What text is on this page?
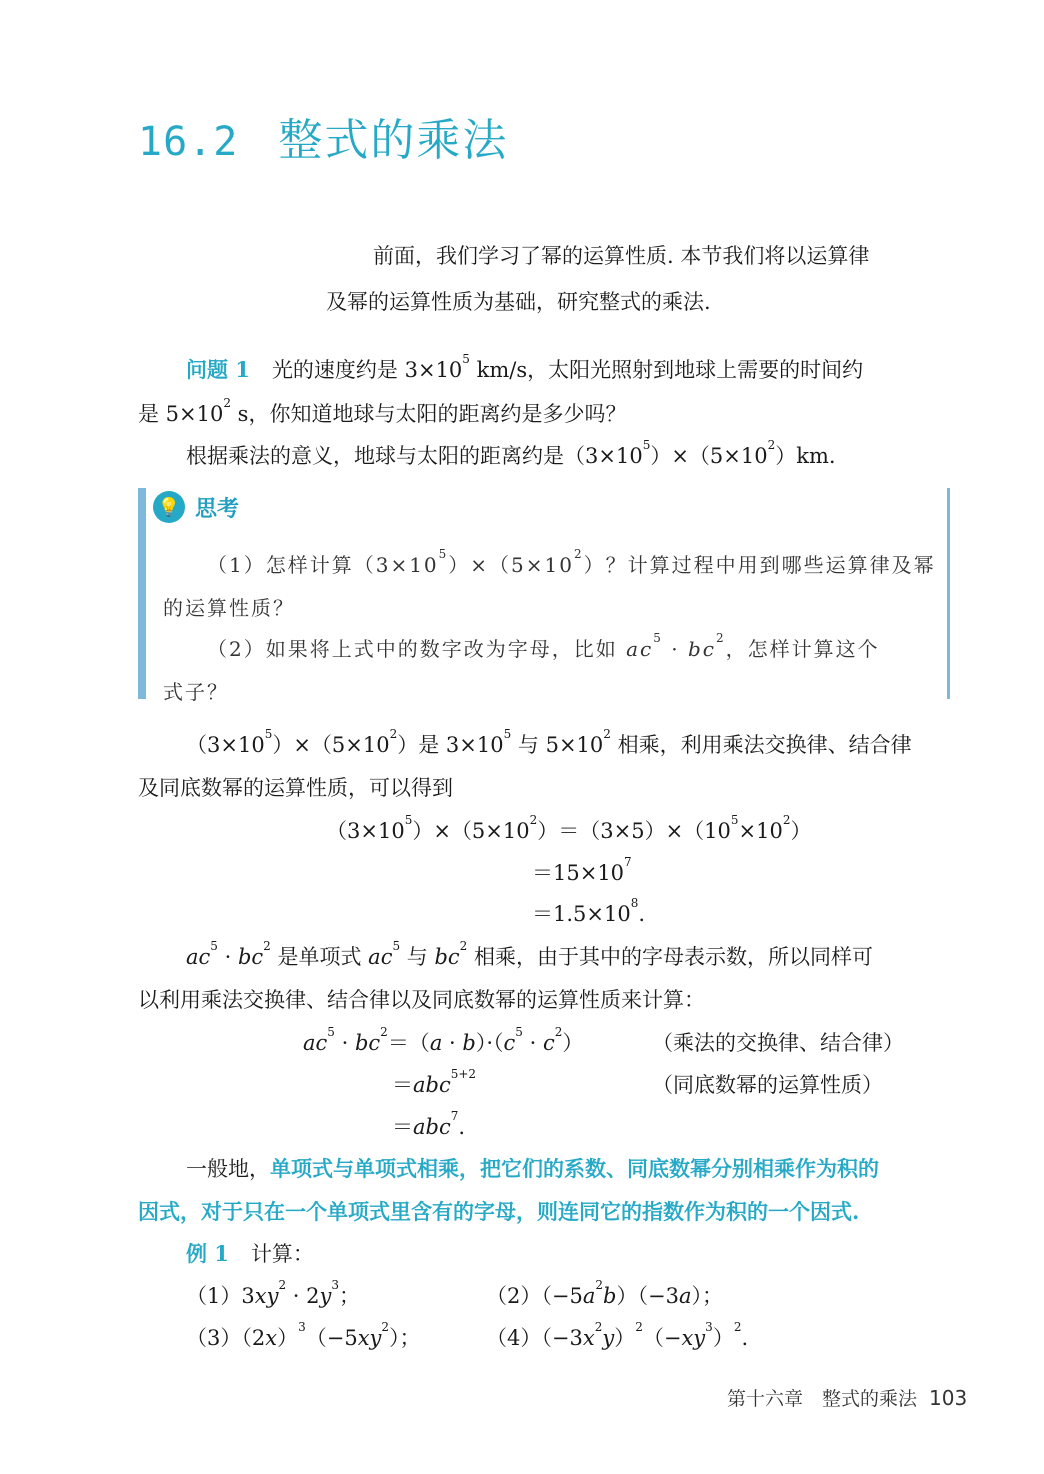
16.2 整式的乘法
前面，我们学习了幂的运算性质. 本节我们将以运算律
及幂的运算性质为基础，研究整式的乘法.
问题 1 光的速度约是 $3\times 10^5$ km/s，太阳光照射到地球上需要的时间约
是 $5\times 10^2$ s，你知道地球与太阳的距离约是多少吗？
根据乘法的意义，地球与太阳的距离约是$(3\times 10^5)\times(5\times 10^2)km$.
💡 思考
（1）怎样计算$(3\times 10^5)\times(5\times 10^2)$？计算过程中用到哪些运算律及幂
的运算性质？
（2）如果将上式中的数字改为字母，比如 $ac^5 \cdot bc^2$，怎样计算这个
式子？
$(3\times 10^5)\times(5\times 10^2)$是 $3\times 10^5$ 与 $5\times 10^2$ 相乘，利用乘法交换律、结合律
及同底数幂的运算性质，可以得到
$(3\times 10^5)\times(5\times 10^2)=(3\times 5)\times(10^5\times 10^2)$
$=15\times 10^7$
$=1.5\times 10^8$.
$ac^5 \cdot bc^2$ 是单项式 $ac^5$ 与 $bc^2$ 相乘，由于其中的字母表示数，所以同样可
以利用乘法交换律、结合律以及同底数幂的运算性质来计算：
$ac^5 \cdot bc^2=(a \cdot b)\cdot(c^5 \cdot c^2)$	（乘法的交换律、结合律）
＝abc$^{5+2}$	（同底数幂的运算性质）
＝abc$^7$.
一般地，单项式与单项式相乘，把它们的系数、同底数幂分别相乘作为积的
因式，对于只在一个单项式里含有的字母，则连同它的指数作为积的一个因式.
例 1 计算：
$(1)3xy^2 \cdot 2y^3$；	$(2)(-5a^2b)(-3a)$；
$(3)(2x)^3(-5xy^2)$；	$(4)(-3x^2y)^2(-xy^3)^2$.
第十六章　整式的乘法 103
